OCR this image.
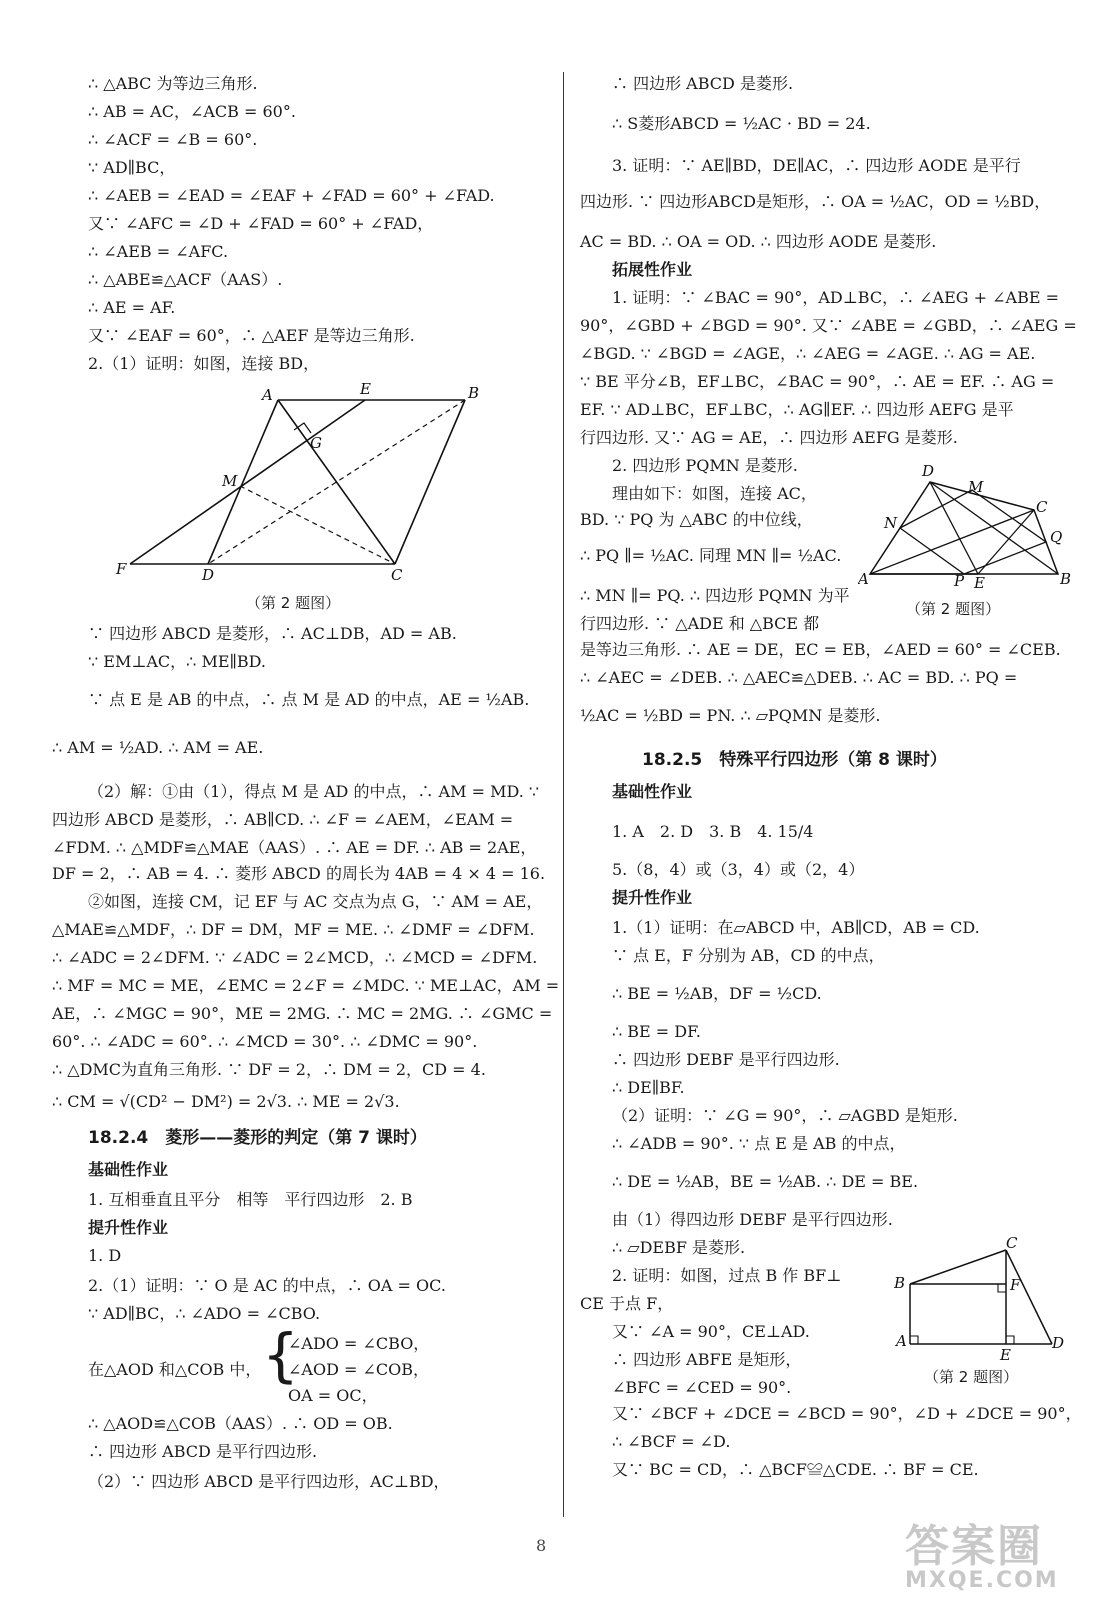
∴ △ABC 为等边三角形.
∴ AB = AC，∠ACB = 60°.
∴ ∠ACF = ∠B = 60°.
∵ AD∥BC，
∴ ∠AEB = ∠EAD = ∠EAF + ∠FAD = 60° + ∠FAD.
又∵ ∠AFC = ∠D + ∠FAD = 60° + ∠FAD，
∴ ∠AEB = ∠AFC.
∴ △ABE≌△ACF（AAS）.
∴ AE = AF.
又∵ ∠EAF = 60°，∴ △AEF 是等边三角形.
2.（1）证明：如图，连接 BD，
A	E	B
G
M
F	D	C
（第 2 题图）
∵ 四边形 ABCD 是菱形，∴ AC⊥DB，AD = AB.
∵ EM⊥AC，∴ ME∥BD.
∵ 点 E 是 AB 的中点，∴ 点 M 是 AD 的中点，AE = ½AB.
∴ AM = ½AD. ∴ AM = AE.
（2）解：①由（1），得点 M 是 AD 的中点，∴ AM = MD. ∵
四边形 ABCD 是菱形，∴ AB∥CD. ∴ ∠F = ∠AEM，∠EAM =
∠FDM. ∴ △MDF≌△MAE（AAS）. ∴ AE = DF. ∴ AB = 2AE，
DF = 2，∴ AB = 4. ∴ 菱形 ABCD 的周长为 4AB = 4 × 4 = 16.
②如图，连接 CM，记 EF 与 AC 交点为点 G，∵ AM = AE，
△MAE≌△MDF，∴ DF = DM，MF = ME. ∴ ∠DMF = ∠DFM.
∴ ∠ADC = 2∠DFM. ∵ ∠ADC = 2∠MCD，∴ ∠MCD = ∠DFM.
∴ MF = MC = ME，∠EMC = 2∠F = ∠MDC. ∵ ME⊥AC，AM =
AE，∴ ∠MGC = 90°，ME = 2MG. ∴ MC = 2MG. ∴ ∠GMC =
60°. ∴ ∠ADC = 60°. ∴ ∠MCD = 30°. ∴ ∠DMC = 90°.
∴ △DMC为直角三角形. ∵ DF = 2，∴ DM = 2，CD = 4.
∴ CM = √(CD² − DM²) = 2√3. ∴ ME = 2√3.
18.2.4　菱形——菱形的判定（第 7 课时）
基础性作业
1. 互相垂直且平分　相等　平行四边形　2. B
提升性作业
1. D
2.（1）证明：∵ O 是 AC 的中点，∴ OA = OC.
∵ AD∥BC，∴ ∠ADO = ∠CBO.
在△AOD 和△COB 中， {
∠ADO = ∠CBO，
∠AOD = ∠COB，
OA = OC，
∴ △AOD≌△COB（AAS）. ∴ OD = OB.
∴ 四边形 ABCD 是平行四边形.
（2）∵ 四边形 ABCD 是平行四边形，AC⊥BD，
∴ 四边形 ABCD 是菱形.
∴ S菱形ABCD = ½AC · BD = 24.
3. 证明：∵ AE∥BD，DE∥AC，∴ 四边形 AODE 是平行
四边形. ∵ 四边形ABCD是矩形，∴ OA = ½AC，OD = ½BD，
AC = BD. ∴ OA = OD. ∴ 四边形 AODE 是菱形.
拓展性作业
1. 证明：∵ ∠BAC = 90°，AD⊥BC，∴ ∠AEG + ∠ABE =
90°，∠GBD + ∠BGD = 90°. 又∵ ∠ABE = ∠GBD，∴ ∠AEG =
∠BGD. ∵ ∠BGD = ∠AGE，∴ ∠AEG = ∠AGE. ∴ AG = AE.
∵ BE 平分∠B，EF⊥BC，∠BAC = 90°，∴ AE = EF. ∴ AG =
EF. ∵ AD⊥BC，EF⊥BC，∴ AG∥EF. ∴ 四边形 AEFG 是平
行四边形. 又∵ AG = AE，∴ 四边形 AEFG 是菱形.
2. 四边形 PQMN 是菱形.
理由如下：如图，连接 AC，
BD. ∵ PQ 为 △ABC 的中位线，
∴ PQ ∥= ½AC. 同理 MN ∥= ½AC.
∴ MN ∥= PQ. ∴ 四边形 PQMN 为平
行四边形. ∵ △ADE 和 △BCE 都
D
M
C
N
Q
A	P E	B
（第 2 题图）
是等边三角形. ∴ AE = DE，EC = EB，∠AED = 60° = ∠CEB.
∴ ∠AEC = ∠DEB. ∴ △AEC≌△DEB. ∴ AC = BD. ∴ PQ =
½AC = ½BD = PN. ∴ ▱PQMN 是菱形.
18.2.5　特殊平行四边形（第 8 课时）
基础性作业
1. A　2. D　3. B　4. 15/4
5.（8，4）或（3，4）或（2，4）
提升性作业
1.（1）证明：在▱ABCD 中，AB∥CD，AB = CD.
∵ 点 E，F 分别为 AB，CD 的中点，
∴ BE = ½AB，DF = ½CD.
∴ BE = DF.
∴ 四边形 DEBF 是平行四边形.
∴ DE∥BF.
（2）证明：∵ ∠G = 90°，∴ ▱AGBD 是矩形.
∴ ∠ADB = 90°. ∵ 点 E 是 AB 的中点，
∴ DE = ½AB，BE = ½AB. ∴ DE = BE.
由（1）得四边形 DEBF 是平行四边形.
∴ ▱DEBF 是菱形.
2. 证明：如图，过点 B 作 BF⊥
CE 于点 F，
又∵ ∠A = 90°，CE⊥AD.
∴ 四边形 ABFE 是矩形，
∠BFC = ∠CED = 90°.
C
B	F
A
E
D
（第 2 题图）
又∵ ∠BCF + ∠DCE = ∠BCD = 90°，∠D + ∠DCE = 90°，
∴ ∠BCF = ∠D.
又∵ BC = CD，∴ △BCF≌△CDE. ∴ BF = CE.
8	答案圈
MXQE.COM
